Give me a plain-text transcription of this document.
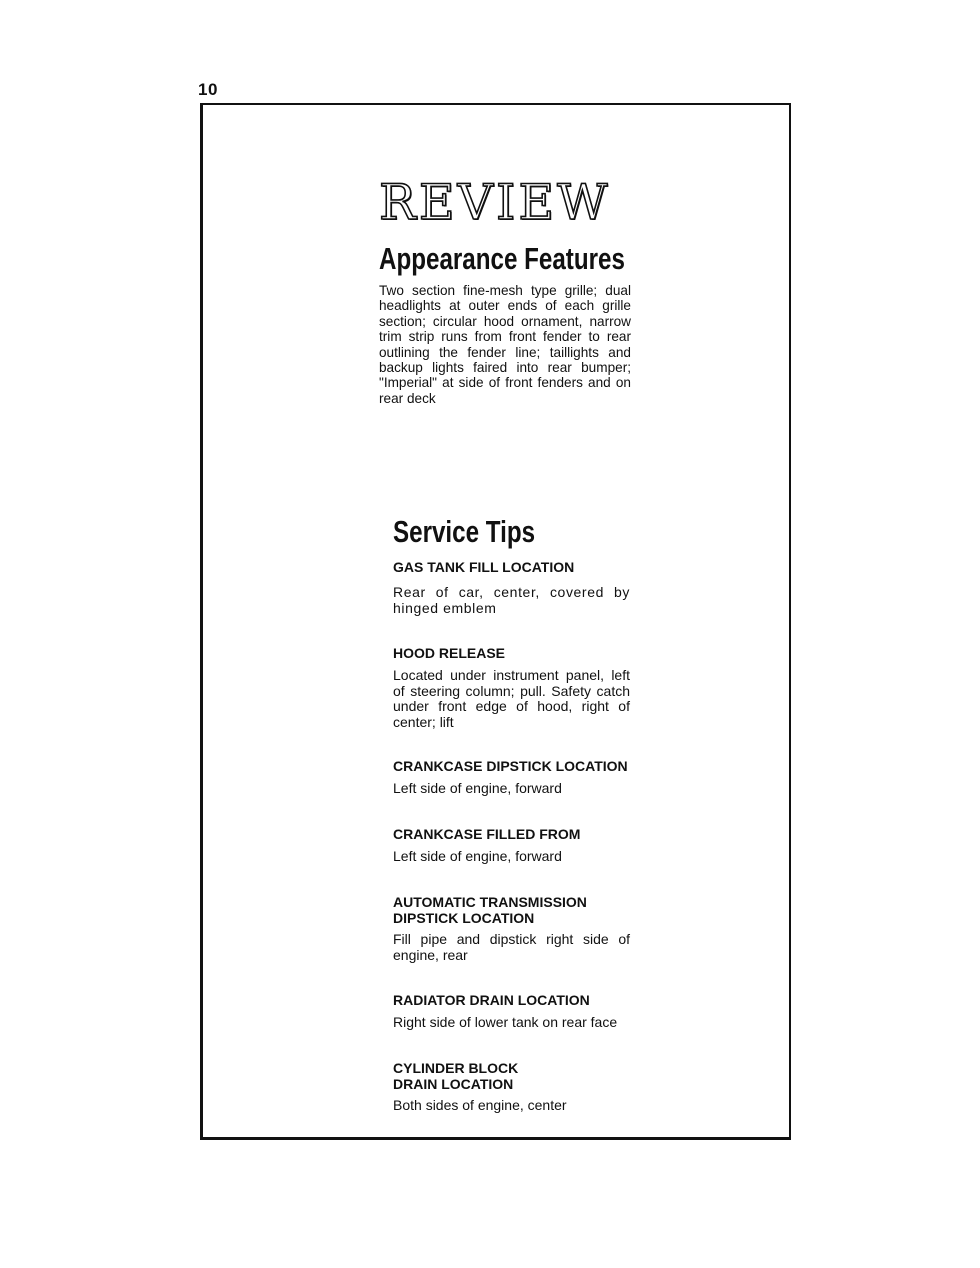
10
REVIEW
Appearance Features
Two section fine-mesh type grille; dual headlights at outer ends of each grille section; circular hood ornament, narrow trim strip runs from front fender to rear outlining the fender line; taillights and backup lights faired into rear bumper; "Imperial" at side of front fenders and on rear deck
Service Tips
GAS TANK FILL LOCATION
Rear of car, center, covered by hinged emblem
HOOD RELEASE
Located under instrument panel, left of steering column; pull. Safety catch under front edge of hood, right of center; lift
CRANKCASE DIPSTICK LOCATION
Left side of engine, forward
CRANKCASE FILLED FROM
Left side of engine, forward
AUTOMATIC TRANSMISSION DIPSTICK LOCATION
Fill pipe and dipstick right side of engine, rear
RADIATOR DRAIN LOCATION
Right side of lower tank on rear face
CYLINDER BLOCK DRAIN LOCATION
Both sides of engine, center
